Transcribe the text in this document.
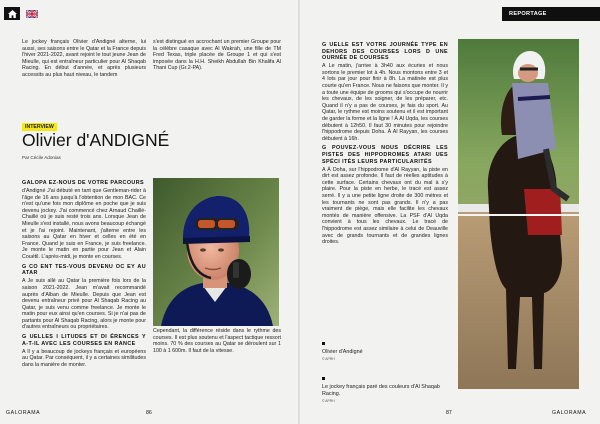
Le jockey français Olivier d'Andigné alterne, lui aussi, ses saisons entre le Qatar et la France depuis l'hiver 2021-2022, avant rejoint le tout jeune Jean de Mieulle, qui est entraîneur particulier pour Al Shaqab Racing. En début d'année, et après plusieurs accessits au plus haut niveau, le tandem

s'est distingué en accrochant un premier Groupe pour la célèbre casaque avec Al Wakrah, une fille de TM Fred Texas, triple placée de Groupe 1 et qui s'est imposée dans la H.H. Sheikh Abdullah Bin Khalifa Al Thani Cup (Gr.2-PA).

INTERVIEW
Olivier d'ANDIGNÉ
Par Cécile Adonias
GALOPA EZ-NOUS DE VOTRE PARCOURS

d'Andigné J'ai débuté en tant que Gentleman-rider à l'âge de 16 ans jusqu'à l'obtention de mon BAC. Ce n'est qu'une fois mon diplôme en poche que je suis devenu jockey. J'ai commencé chez Arnaud Chaillé-Chaillé où je suis resté trois ans. Lorsque Jean de Mieulle s'est installé, nous avons beaucoup échangé et je l'ai rejoint. Maintenant, j'alterne entre les saisons au Qatar en hiver et celles en été en France. Quand je suis en France, je suis freelance. Je monte le matin en partie pour Jean et Alain Couétil. L'après-midi, je monte en courses.

G CO ENT TES-VOUS DEVENU OC EY AU ATAR

A Je suis allé au Qatar la première fois lors de la saison 2021-2022. Jean m'avait recommandé auprès d'Alban de Mieulle. Depuis que Jean est devenu entraîneur privé pour Al Shaqab Racing au Qatar, je suis venu comme freelance. Je monte le matin pour eux ainsi qu'en courses. Si je n'ai pas de partants pour Al Shaqab Racing, alors je monte pour d'autres entraîneurs ou propriétaires.

G UELLES I LITUDES ET DI ÉRENCES Y A-T-IL AVEC LES COURSES EN RANCE

A Il y a beaucoup de jockeys français et européens au Qatar. Par conséquent, il y a certaines similitudes dans la manière de monter.

Cependant, la différence réside dans le rythme des courses. Il est plus soutenu et l'aspect tactique ressort moins. 70 % des courses au Qatar se déroulent sur 1 100 à 1 600m. Il faut de la vitesse.

GALORAMA	86
REPORTAGE
G UELLE EST VOTRE JOURNÉE TYPE EN DEHORS DES COURSES LORS D UNE OURNÉE DE COURSES

A Le matin, j'arrive à 3h40 aux écuries et nous sortons le premier lot à 4h. Nous montons entre 3 et 4 lots par jour pour finir à 8h. La matinée est plus courte qu'en France. Nous ne faisons que monter. Il y a toute une équipe de grooms qui s'occupe de nourrir les chevaux, de les soigner, de les préparer, etc. Quand il n'y a pas de courses, je fais du sport. Au Qatar, le rythme est moins soutenu et il est important de garder la forme et la ligne ! À Al Uqda, les courses débutent à 12h50. Il faut 30 minutes pour rejoindre l'hippodrome depuis Doha. À Al Rayyan, les courses débutent à 16h.

G POUVEZ-VOUS NOUS DÉCRIRE LES PISTES DES HIPPODROMES ATARI UES SPÉCI ITÉS LEURS PARTICULARITÉS

A À Doha, sur l'hippodrome d'Al Rayyan, la piste en dirt est assez profonde. Il faut de réelles aptitudes à cette surface. Certains chevaux ont du mal à s'y plaire. Pour la piste en herbe, le tracé est assez serré. Il y a une petite ligne droite de 300 mètres et les tournants ne sont pas grands. Il n'y a pas vraiment de piège, mais elle facilite les chevaux montés de manière offensive. La PSF d'Al Uqda convient à tous les chevaux. Le tracé de l'hippodrome est assez similaire à celui de Deauville avec de grands tournants et de grandes lignes droites.

Olivier d'Andigné
© APRH
Le jockey français paré des couleurs d'Al Shaqab Racing.
© APRH
87	GALORAMA
